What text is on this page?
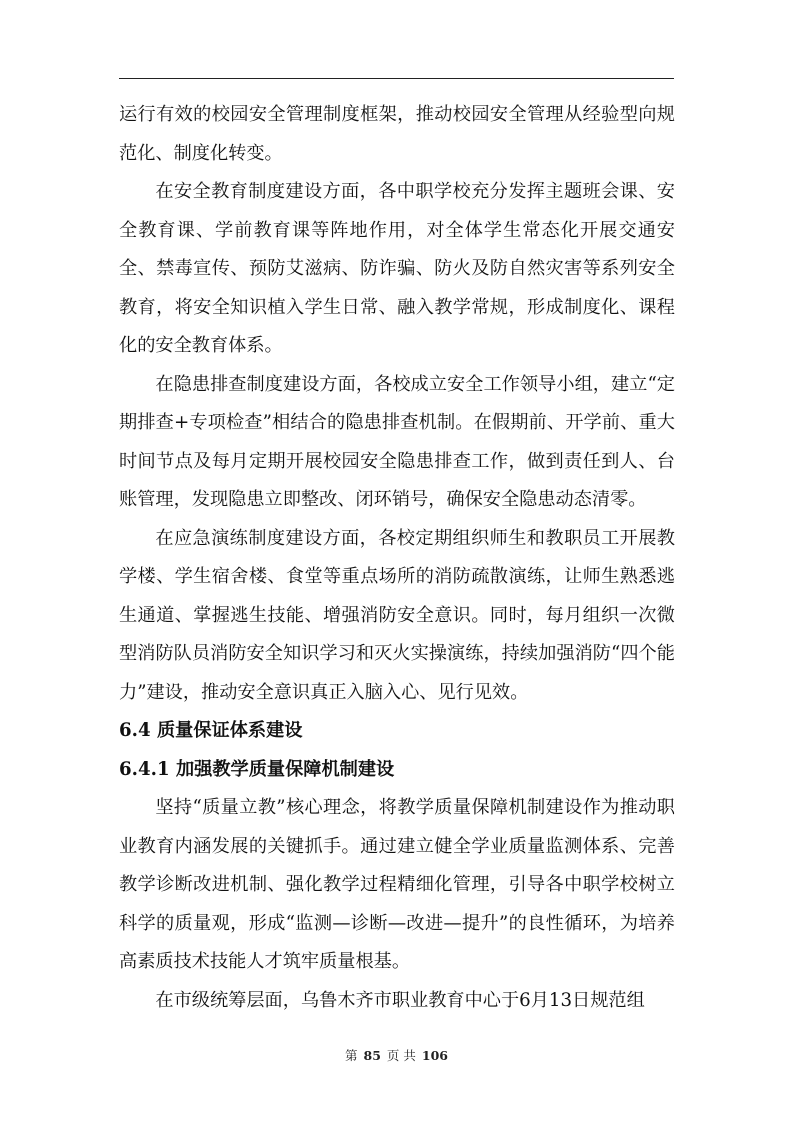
运行有效的校园安全管理制度框架，推动校园安全管理从经验型向规范化、制度化转变。

在安全教育制度建设方面，各中职学校充分发挥主题班会课、安全教育课、学前教育课等阵地作用，对全体学生常态化开展交通安全、禁毒宣传、预防艾滋病、防诈骗、防火及防自然灾害等系列安全教育，将安全知识植入学生日常、融入教学常规，形成制度化、课程化的安全教育体系。

在隐患排查制度建设方面，各校成立安全工作领导小组，建立“定期排查+专项检查”相结合的隐患排查机制。在假期前、开学前、重大时间节点及每月定期开展校园安全隐患排查工作，做到责任到人、台账管理，发现隐患立即整改、闭环销号，确保安全隐患动态清零。

在应急演练制度建设方面，各校定期组织师生和教职员工开展教学楼、学生宿舍楼、食堂等重点场所的消防疏散演练，让师生熟悉逃生通道、掌握逃生技能、增强消防安全意识。同时，每月组织一次微型消防队员消防安全知识学习和灭火实操演练，持续加强消防“四个能力”建设，推动安全意识真正入脑入心、见行见效。

6.4 质量保证体系建设
6.4.1 加强教学质量保障机制建设

坚持“质量立教”核心理念，将教学质量保障机制建设作为推动职业教育内涵发展的关键抓手。通过建立健全学业质量监测体系、完善教学诊断改进机制、强化教学过程精细化管理，引导各中职学校树立科学的质量观，形成“监测—诊断—改进—提升”的良性循环，为培养高素质技术技能人才筑牢质量根基。

在市级统筹层面，乌鲁木齐市职业教育中心于6月13日规范组

第 85 页 共 106
